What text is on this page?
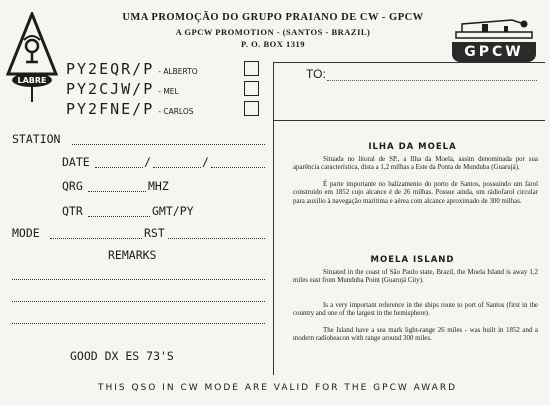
LABRE
UMA PROMOÇÃO DO GRUPO PRAIANO DE CW - GPCW
A GPCW PROMOTION - (SANTOS - BRAZIL)
P. O. BOX 1319	GPCW
PY2EQR/P - ALBERTO
PY2CJW/P - MEL
PY2FNE/P - CARLOS
STATION
DATE	/	/
QRG	MHZ
QTR	GMT/PY
MODE	RST
REMARKS
TO:
ILHA DA MOELA
Situada no litoral de SP., a Ilha da Moela, assim denominada por sua aparência característica, dista a 1,2 milhas a Este da Ponta de Munduba (Guarujá).
É parte importante no balizamento do porto de Santos, possuindo um farol construido em 1852 cujo alcance é de 26 milhas. Possue ainda, um rádiofarol circular para auxilio à navegação maritima e aérea com alcance aproximado de 300 milhas.
MOELA ISLAND
Situated in the coast of São Paulo state, Brazil, the Moela Island is away 1,2 miles east from Munduba Point (Guarujá City).
Is a very important reference in the ships route to port of Santos (first in the country and one of the largest in the hemisphere).
The Island have a sea mark light-range 26 miles - was built in 1852 and a modern radiobeacon with range around 300 miles.
GOOD DX ES 73'S
THIS QSO IN CW MODE ARE VALID FOR THE GPCW AWARD
